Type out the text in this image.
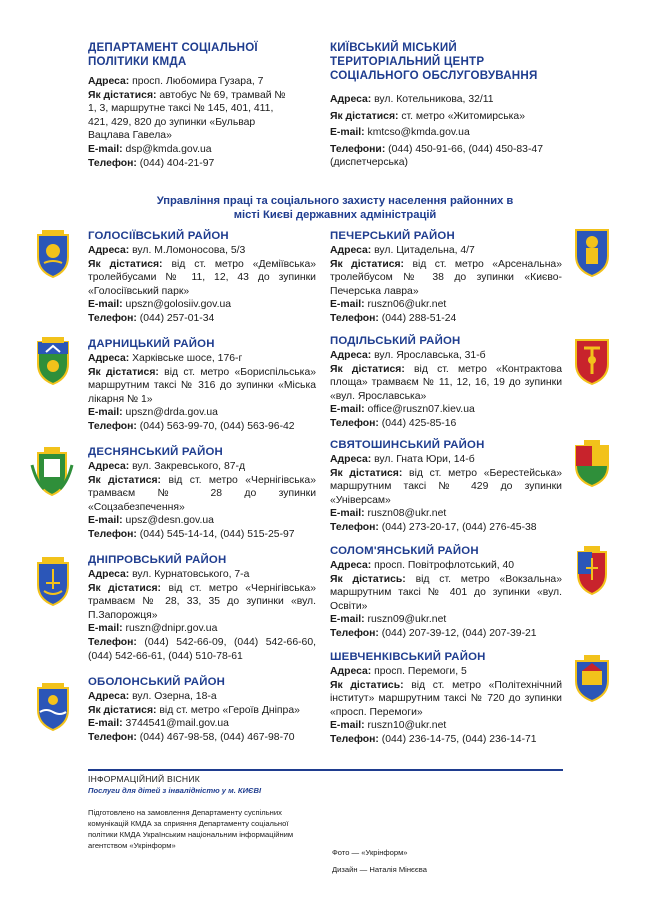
ДЕПАРТАМЕНТ СОЦІАЛЬНОЇ ПОЛІТИКИ КМДА

Адреса: просп. Любомира Гузара, 7

Як дістатися: автобус № 69, трамвай № 1, 3, маршрутне таксі № 145, 401, 411, 421, 429, 820 до зупинки «Бульвар Вацлава Гавела»

E-mail: dsp@kmda.gov.ua

Телефон: (044) 404-21-97

КИЇВСЬКИЙ МІСЬКИЙ ТЕРИТОРІАЛЬНИЙ ЦЕНТР СОЦІАЛЬНОГО ОБСЛУГОВУВАННЯ

Адреса: вул. Котельникова, 32/11

Як дістатися: ст. метро «Житомирська»

E-mail: kmtcso@kmda.gov.ua

Телефони: (044) 450-91-66, (044) 450-83-47 (диспетчерська)

Управління праці та соціального захисту населення районних в місті Києві державних адміністрацій

ГОЛОСІЇВСЬКИЙ РАЙОН

Адреса: вул. М.Ломоносова, 5/3

Як дістатися: від ст. метро «Деміївська» тролейбусами № 11, 12, 43 до зупинки «Голосіївський парк»

E-mail: upszn@golosiiv.gov.ua

Телефон: (044) 257-01-34

ДАРНИЦЬКИЙ РАЙОН

Адреса: Харківське шосе, 176-г

Як дістатися: від ст. метро «Бориспільська» маршрутним таксі № 316 до зупинки «Міська лікарня № 1»

E-mail: upszn@drda.gov.ua

Телефон: (044) 563-99-70, (044) 563-96-42

ДЕСНЯНСЬКИЙ РАЙОН

Адреса: вул. Закревського, 87-д

Як дістатися: від ст. метро «Чернігівська» трамваєм № 28 до зупинки «Соцзабезпечення»

E-mail: upsz@desn.gov.ua

Телефон: (044) 545-14-14, (044) 515-25-97

ДНІПРОВСЬКИЙ РАЙОН

Адреса: вул. Курнатовського, 7-а

Як дістатися: від ст. метро «Чернігівська» трамваєм № 28, 33, 35 до зупинки «вул. П.Запорожця»

E-mail: ruszn@dnipr.gov.ua

Телефон: (044) 542-66-09, (044) 542-66-60, (044) 542-66-61, (044) 510-78-61

ОБОЛОНСЬКИЙ РАЙОН

Адреса: вул. Озерна, 18-а

Як дістатися: від ст. метро «Героїв Дніпра»

E-mail: 3744541@mail.gov.ua

Телефон: (044) 467-98-58, (044) 467-98-70

ПЕЧЕРСЬКИЙ РАЙОН

Адреса: вул. Цитадельна, 4/7

Як дістатися: від ст. метро «Арсенальна» тролейбусом № 38 до зупинки «Києво-Печерська лавра»

E-mail: ruszn06@ukr.net

Телефон: (044) 288-51-24

ПОДІЛЬСЬКИЙ РАЙОН

Адреса: вул. Ярославська, 31-б

Як дістатися: від ст. метро «Контрактова площа» трамваєм № 11, 12, 16, 19 до зупинки «вул. Ярославська»

E-mail: office@ruszn07.kiev.ua

Телефон: (044) 425-85-16

СВЯТОШИНСЬКИЙ РАЙОН

Адреса: вул. Гната Юри, 14-б

Як дістатися: від ст. метро «Берестейська» маршрутним таксі № 429 до зупинки «Універсам»

E-mail: ruszn08@ukr.net

Телефон: (044) 273-20-17, (044) 276-45-38

СОЛОМ'ЯНСЬКИЙ РАЙОН

Адреса: просп. Повітрофлотський, 40

Як дістатись: від ст. метро «Вокзальна» маршрутним таксі № 401 до зупинки «вул. Освіти»

E-mail: ruszn09@ukr.net

Телефон: (044) 207-39-12, (044) 207-39-21

ШЕВЧЕНКІВСЬКИЙ РАЙОН

Адреса: просп. Перемоги, 5

Як дістатись: від ст. метро «Політехнічний інститут» маршрутним таксі № 720 до зупинки «просп. Перемоги»

E-mail: ruszn10@ukr.net

Телефон: (044) 236-14-75, (044) 236-14-71

ІНФОРМАЦІЙНИЙ ВІСНИК
Послуги для дітей з інвалідністю у м. КИЄВІ
Підготовлено на замовлення Департаменту суспільних комунікацій КМДА за сприяння Департаменту соціальної політики КМДА Українським національним інформаційним агентством «Укрінформ»
Фото — «Укрінформ»
Дизайн — Наталія Мінєєва
